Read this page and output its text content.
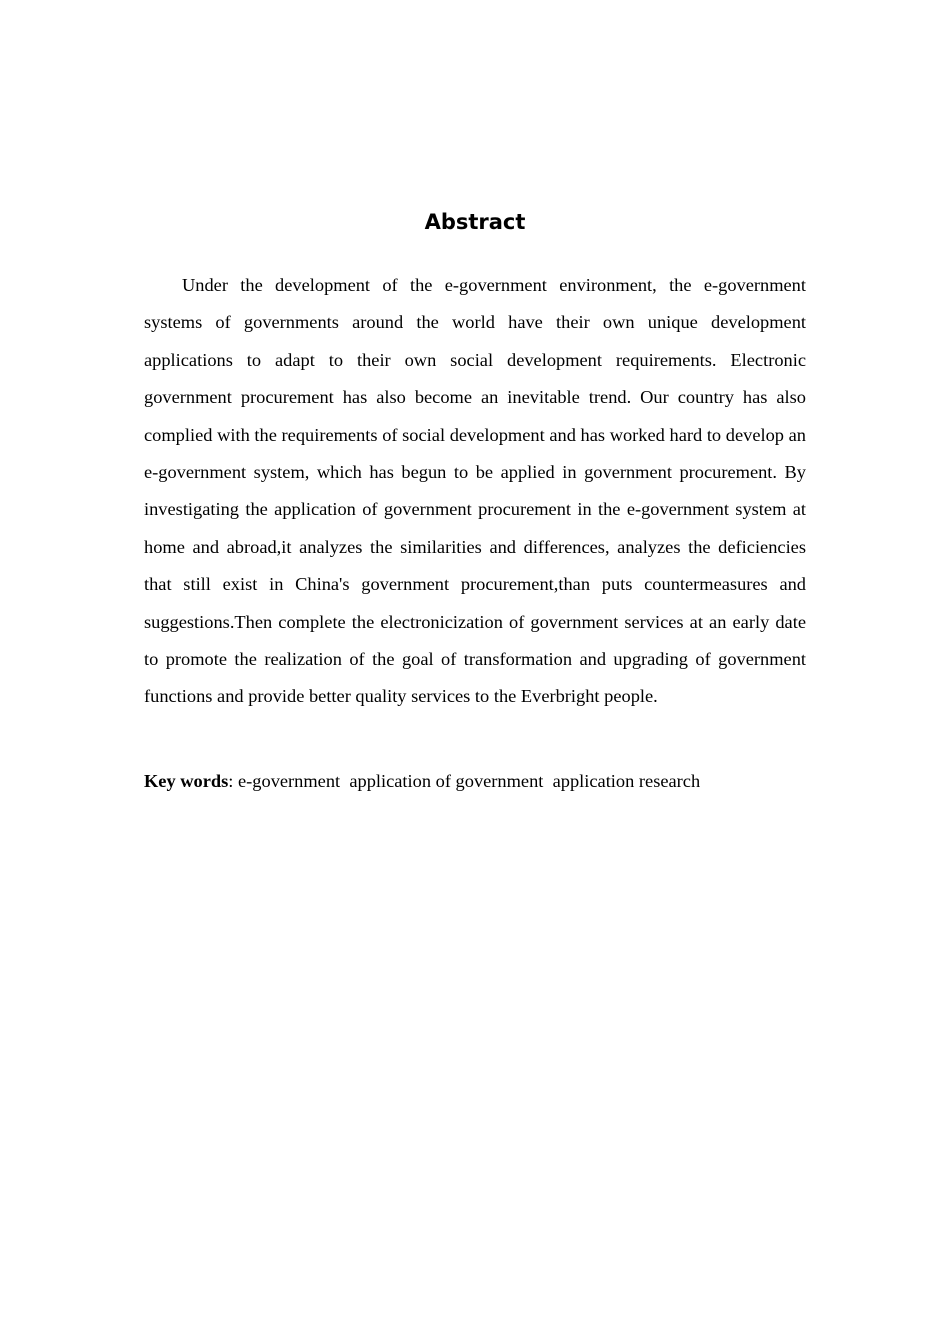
Abstract

Under the development of the e-government environment, the e-government systems of governments around the world have their own unique development applications to adapt to their own social development requirements. Electronic government procurement has also become an inevitable trend. Our country has also complied with the requirements of social development and has worked hard to develop an e-government system, which has begun to be applied in government procurement. By investigating the application of government procurement in the e-government system at home and abroad,it analyzes the similarities and differences, analyzes the deficiencies that still exist in China's government procurement,than puts countermeasures and suggestions.Then complete the electronicization of government services at an early date to promote the realization of the goal of transformation and upgrading of government functions and provide better quality services to the Everbright people.

Key words: e-government  application of government  application research
